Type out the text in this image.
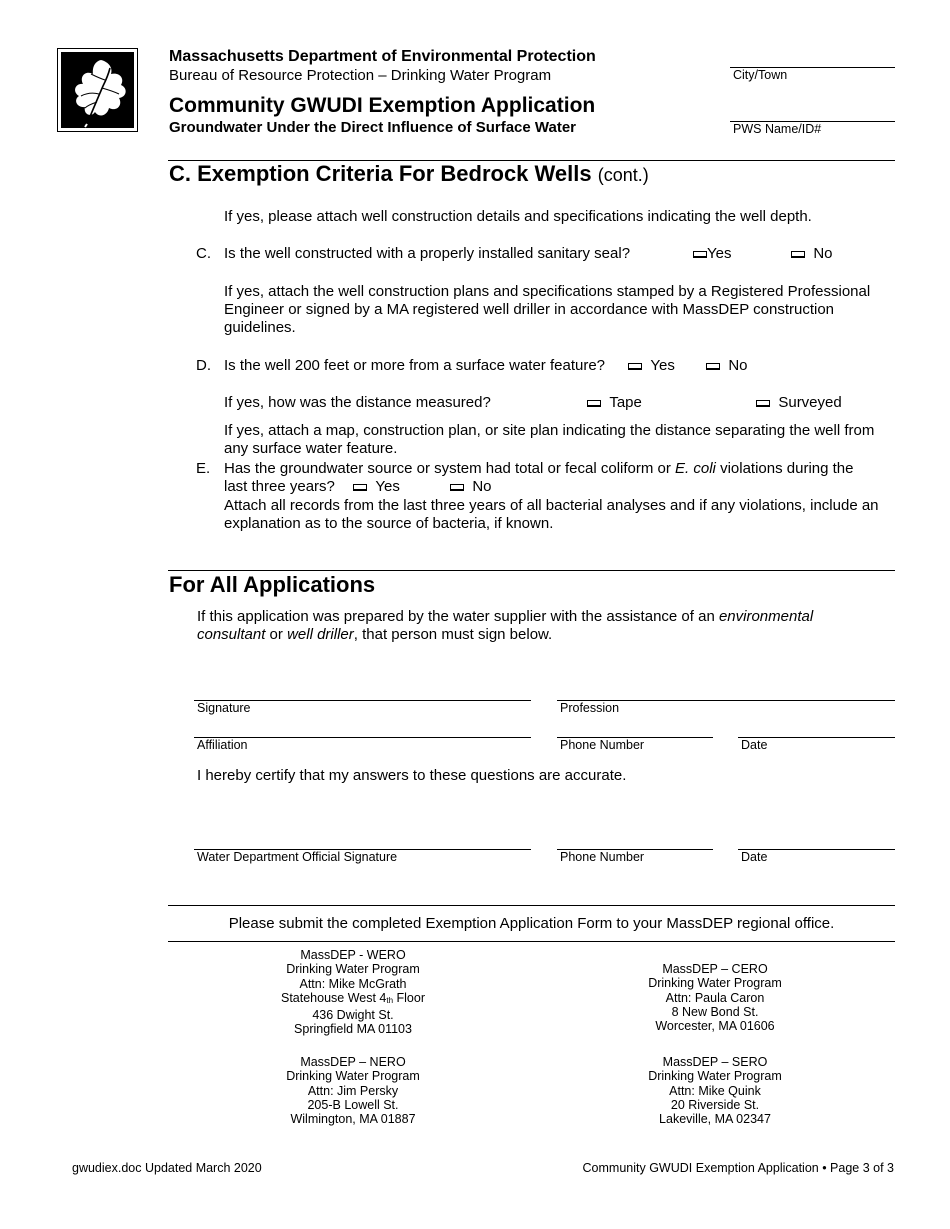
Massachusetts Department of Environmental Protection
Bureau of Resource Protection – Drinking Water Program
Community GWUDI Exemption Application
Groundwater Under the Direct Influence of Surface Water
City/Town
PWS Name/ID#
C. Exemption Criteria For Bedrock Wells (cont.)
If yes, please attach well construction details and specifications indicating the well depth.
C. Is the well constructed with a properly installed sanitary seal?	Yes	No
If yes, attach the well construction plans and specifications stamped by a Registered Professional Engineer or signed by a MA registered well driller in accordance with MassDEP construction guidelines.
D. Is the well 200 feet or more from a surface water feature?	Yes	No
If yes, how was the distance measured?	Tape	Surveyed
If yes, attach a map, construction plan, or site plan indicating the distance separating the well from any surface water feature.
E. Has the groundwater source or system had total or fecal coliform or E. coli violations during the
last three years?	Yes	No
Attach all records from the last three years of all bacterial analyses and if any violations, include an explanation as to the source of bacteria, if known.
For All Applications
If this application was prepared by the water supplier with the assistance of an environmental consultant or well driller, that person must sign below.
Signature	Profession
Affiliation	Phone Number	Date
I hereby certify that my answers to these questions are accurate.
Water Department Official Signature	Phone Number	Date
Please submit the completed Exemption Application Form to your MassDEP regional office.
MassDEP - WERO
Drinking Water Program
Attn: Mike McGrath
Statehouse West 4th Floor
436 Dwight St.
Springfield MA 01103
MassDEP – CERO
Drinking Water Program
Attn: Paula Caron
8 New Bond St.
Worcester, MA 01606
MassDEP – NERO
Drinking Water Program
Attn: Jim Persky
205-B Lowell St.
Wilmington, MA 01887
MassDEP – SERO
Drinking Water Program
Attn: Mike Quink
20 Riverside St.
Lakeville, MA 02347
gwudiex.doc Updated March 2020	Community GWUDI Exemption Application • Page 3 of 3
